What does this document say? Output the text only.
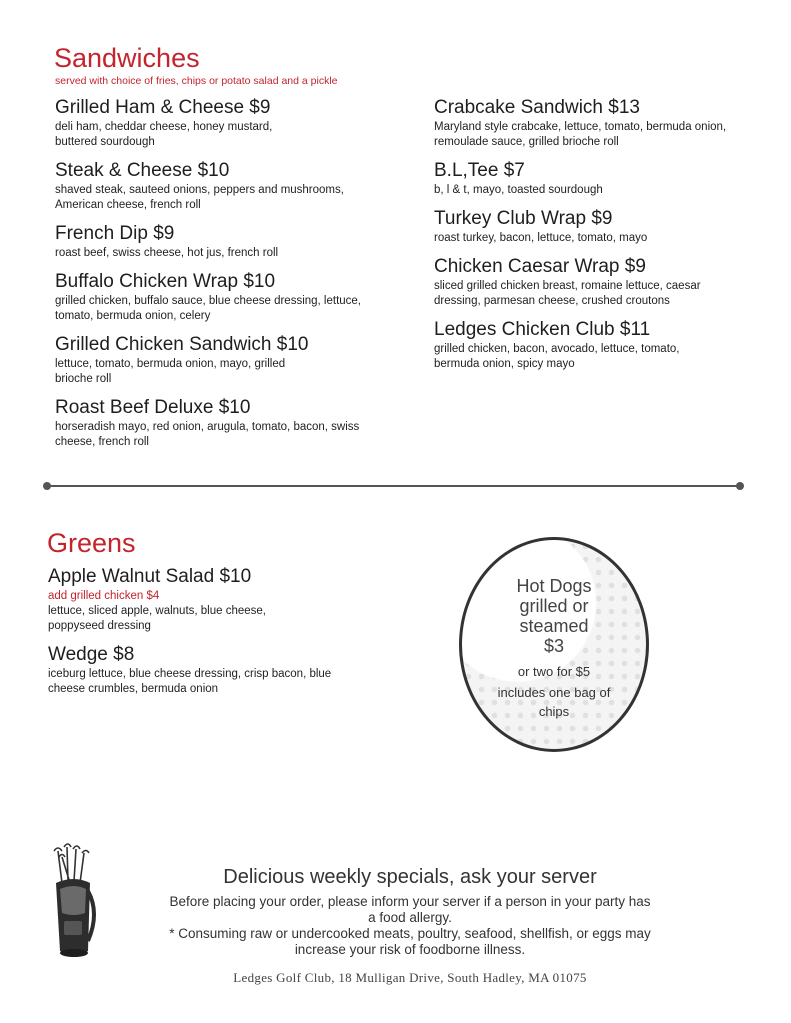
Sandwiches
served with choice of fries, chips or potato salad and a pickle
Grilled Ham & Cheese $9
deli ham, cheddar cheese, honey mustard, buttered sourdough
Steak & Cheese $10
shaved steak, sauteed onions, peppers and mushrooms, American cheese, french roll
French Dip $9
roast beef, swiss cheese, hot jus, french roll
Buffalo Chicken Wrap $10
grilled chicken, buffalo sauce, blue cheese dressing, lettuce, tomato, bermuda onion, celery
Grilled Chicken Sandwich $10
lettuce, tomato, bermuda onion, mayo, grilled brioche roll
Roast Beef Deluxe $10
horseradish mayo, red onion, arugula, tomato, bacon, swiss cheese, french roll
Crabcake Sandwich $13
Maryland style crabcake, lettuce, tomato, bermuda onion, remoulade sauce, grilled brioche roll
B.L,Tee $7
b, l & t, mayo, toasted sourdough
Turkey Club Wrap $9
roast turkey, bacon, lettuce, tomato, mayo
Chicken Caesar Wrap $9
sliced grilled chicken breast, romaine lettuce, caesar dressing, parmesan cheese, crushed croutons
Ledges Chicken Club $11
grilled chicken, bacon, avocado, lettuce, tomato, bermuda onion, spicy mayo
Greens
Apple Walnut Salad $10
add grilled chicken $4
lettuce, sliced apple, walnuts, blue cheese, poppyseed dressing
Wedge $8
iceburg lettuce, blue cheese dressing, crisp bacon, blue cheese crumbles, bermuda onion
Hot Dogs
grilled or
steamed
$3
or two for $5
includes one bag of
chips
Delicious weekly specials, ask your server
Before placing your order, please inform your server if a person in your party has
a food allergy.
* Consuming raw or undercooked meats, poultry, seafood, shellfish, or eggs may
increase your risk of foodborne illness.
Ledges Golf Club, 18 Mulligan Drive, South Hadley, MA 01075
